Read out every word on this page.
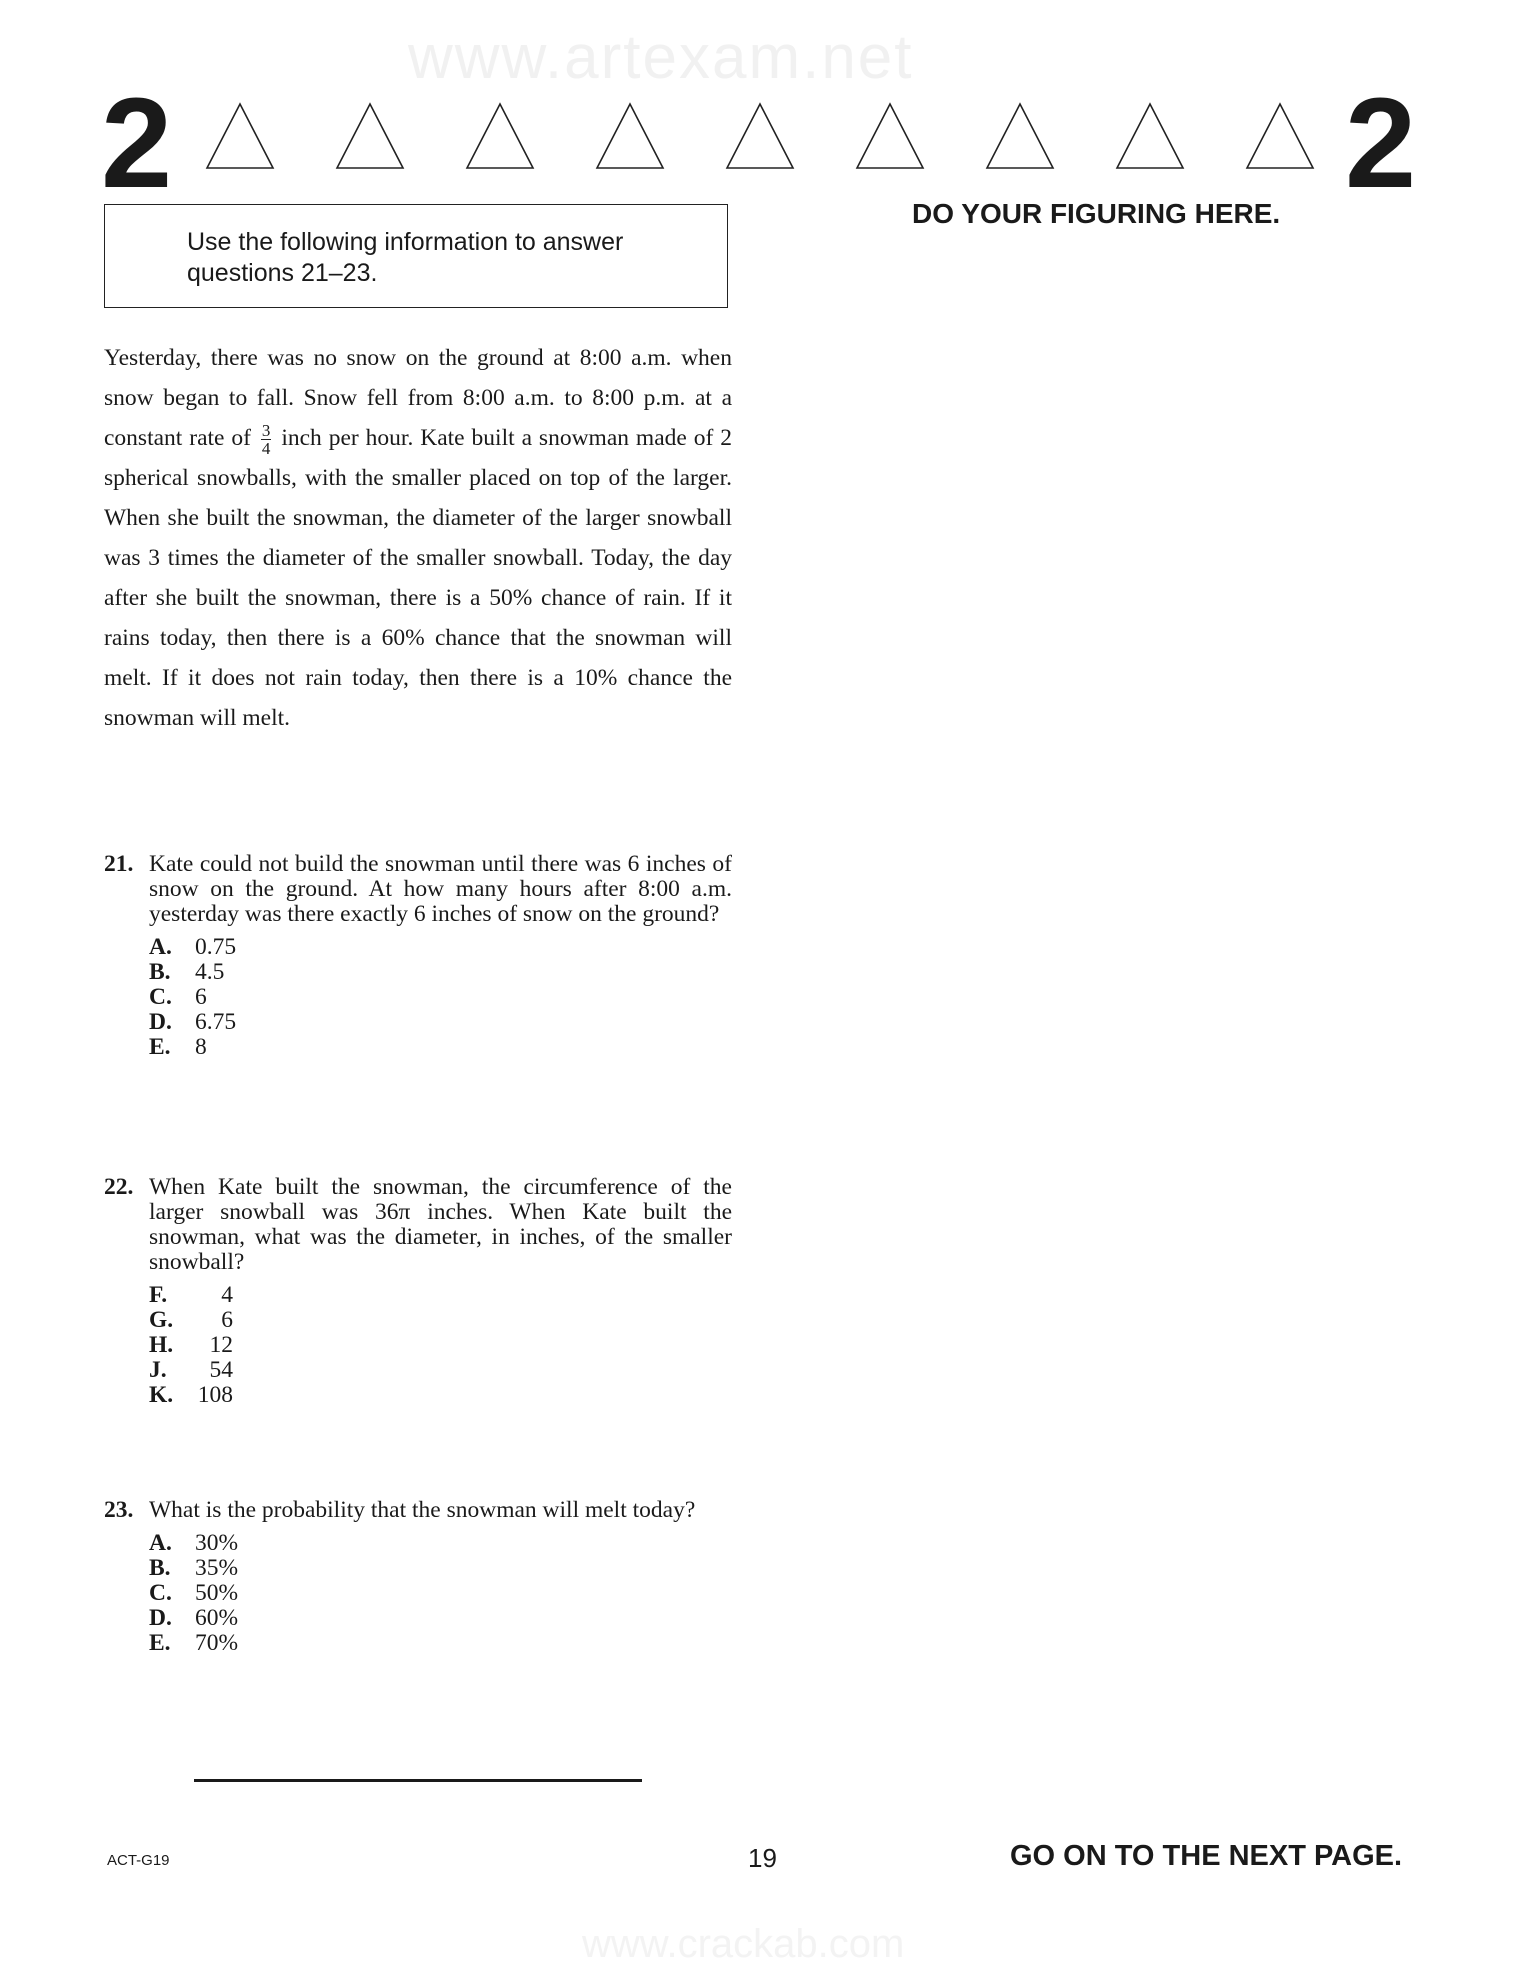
www.artexam.net
www.crackab.com
2	2
DO YOUR FIGURING HERE.
Use the following information to answer questions 21–23.
Yesterday, there was no snow on the ground at 8:00 a.m. when snow began to fall. Snow fell from 8:00 a.m. to 8:00 p.m. at a constant rate of $\frac{3}{4}$ inch per hour. Kate built a snowman made of 2 spherical snowballs, with the smaller placed on top of the larger. When she built the snowman, the diameter of the larger snowball was 3 times the diameter of the smaller snowball. Today, the day after she built the snowman, there is a 50% chance of rain. If it rains today, then there is a 60% chance that the snowman will melt. If it does not rain today, then there is a 10% chance the snowman will melt.
21. Kate could not build the snowman until there was 6 inches of snow on the ground. At how many hours after 8:00 a.m. yesterday was there exactly 6 inches of snow on the ground?
A. 0.75
B.	4.5
C. 6
D. 6.75
E.	8
22. When Kate built the snowman, the circumference of the larger snowball was 36π inches. When Kate built the snowman, what was the diameter, in inches, of the smaller snowball?
F.	4
G.	6
H.	12
J.	54
K.	108
23. What is the probability that the snowman will melt today?
A. 30%
B.	35%
C. 50%
D. 60%
E.	70%
ACT-G19	19	GO ON TO THE NEXT PAGE.
